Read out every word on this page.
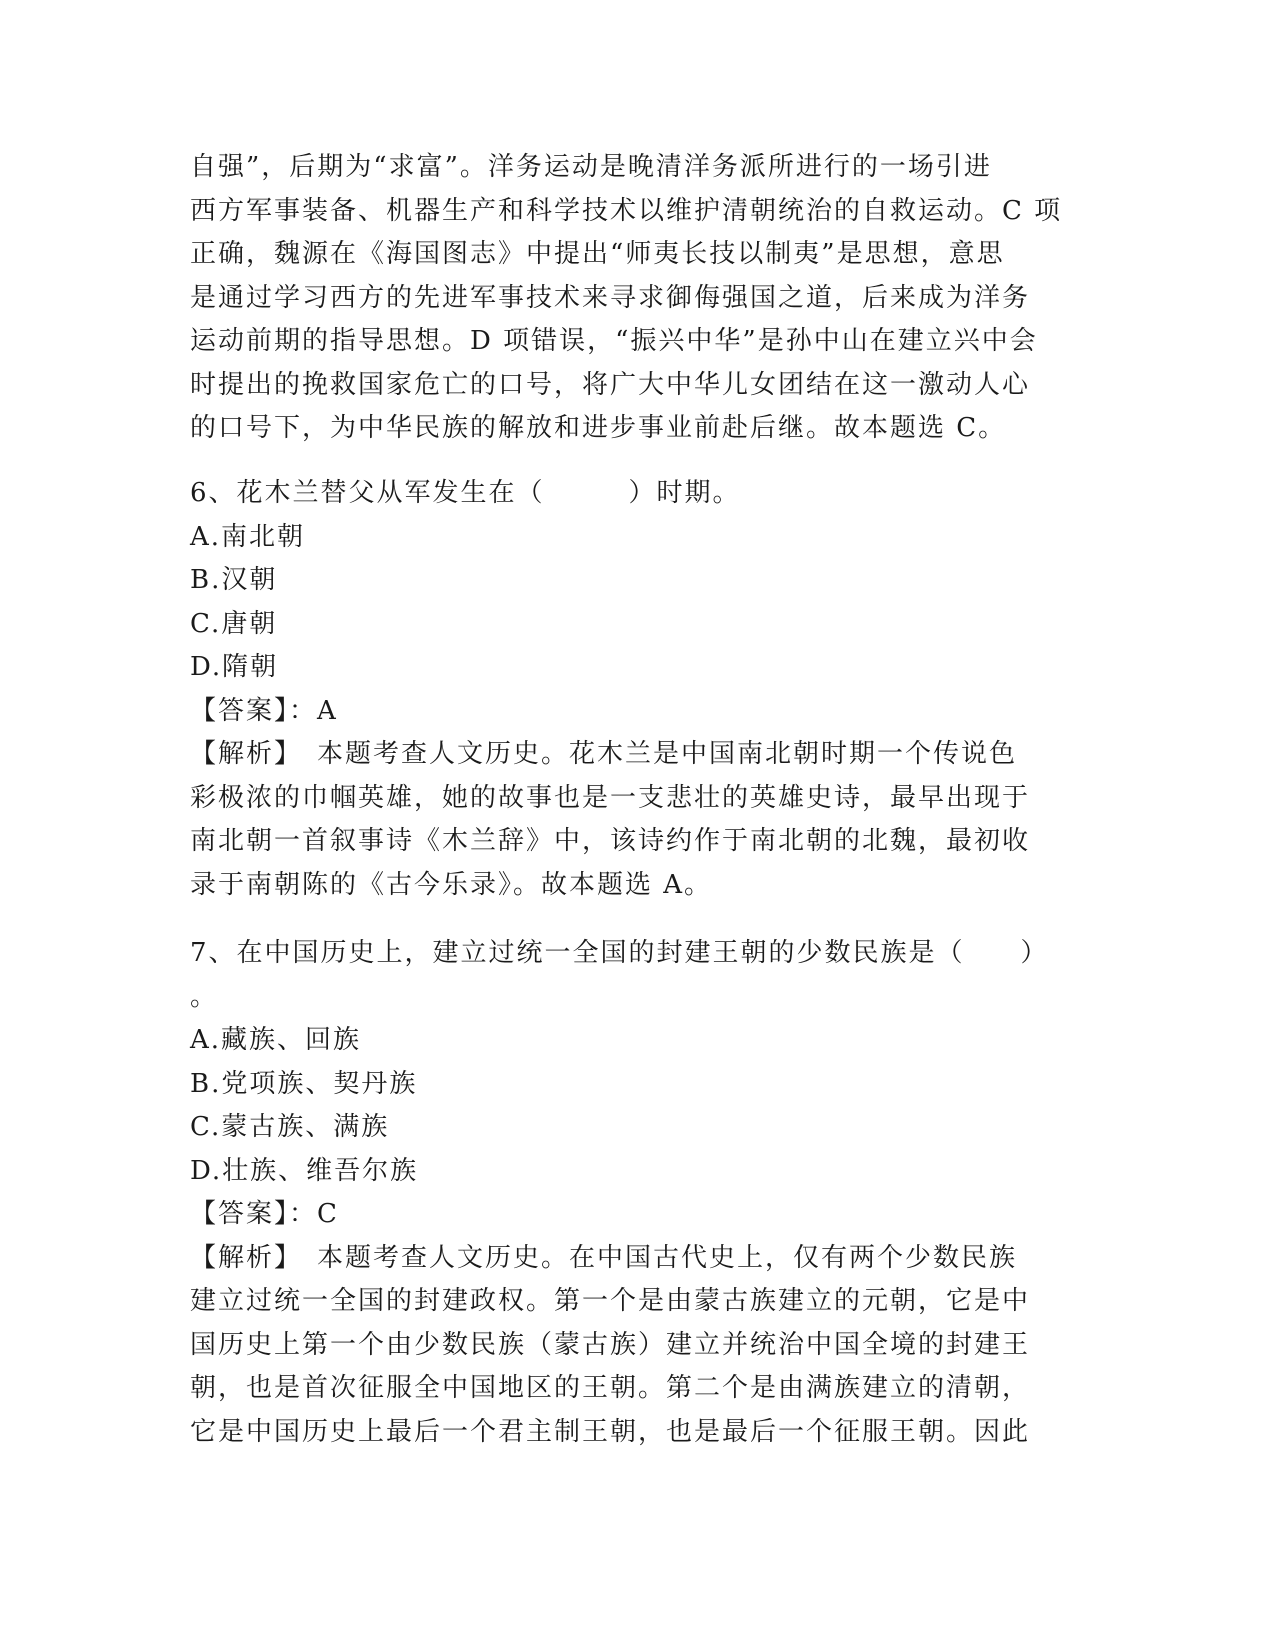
自强”，后期为“求富”。洋务运动是晚清洋务派所进行的一场引进
西方军事装备、机器生产和科学技术以维护清朝统治的自救运动。C 项
正确，魏源在《海国图志》中提出“师夷长技以制夷”是思想，意思
是通过学习西方的先进军事技术来寻求御侮强国之道，后来成为洋务
运动前期的指导思想。D 项错误，“振兴中华”是孙中山在建立兴中会
时提出的挽救国家危亡的口号，将广大中华儿女团结在这一激动人心
的口号下，为中华民族的解放和进步事业前赴后继。故本题选 C。
6、花木兰替父从军发生在（　　　）时期。
A.南北朝
B.汉朝
C.唐朝
D.隋朝
【答案】：A
【解析】　本题考查人文历史。花木兰是中国南北朝时期一个传说色
彩极浓的巾帼英雄，她的故事也是一支悲壮的英雄史诗，最早出现于
南北朝一首叙事诗《木兰辞》中，该诗约作于南北朝的北魏，最初收
录于南朝陈的《古今乐录》。故本题选 A。
7、在中国历史上，建立过统一全国的封建王朝的少数民族是（　　）
。
A.藏族、回族
B.党项族、契丹族
C.蒙古族、满族
D.壮族、维吾尔族
【答案】：C
【解析】　本题考查人文历史。在中国古代史上，仅有两个少数民族
建立过统一全国的封建政权。第一个是由蒙古族建立的元朝，它是中
国历史上第一个由少数民族（蒙古族）建立并统治中国全境的封建王
朝，也是首次征服全中国地区的王朝。第二个是由满族建立的清朝，
它是中国历史上最后一个君主制王朝，也是最后一个征服王朝。因此
